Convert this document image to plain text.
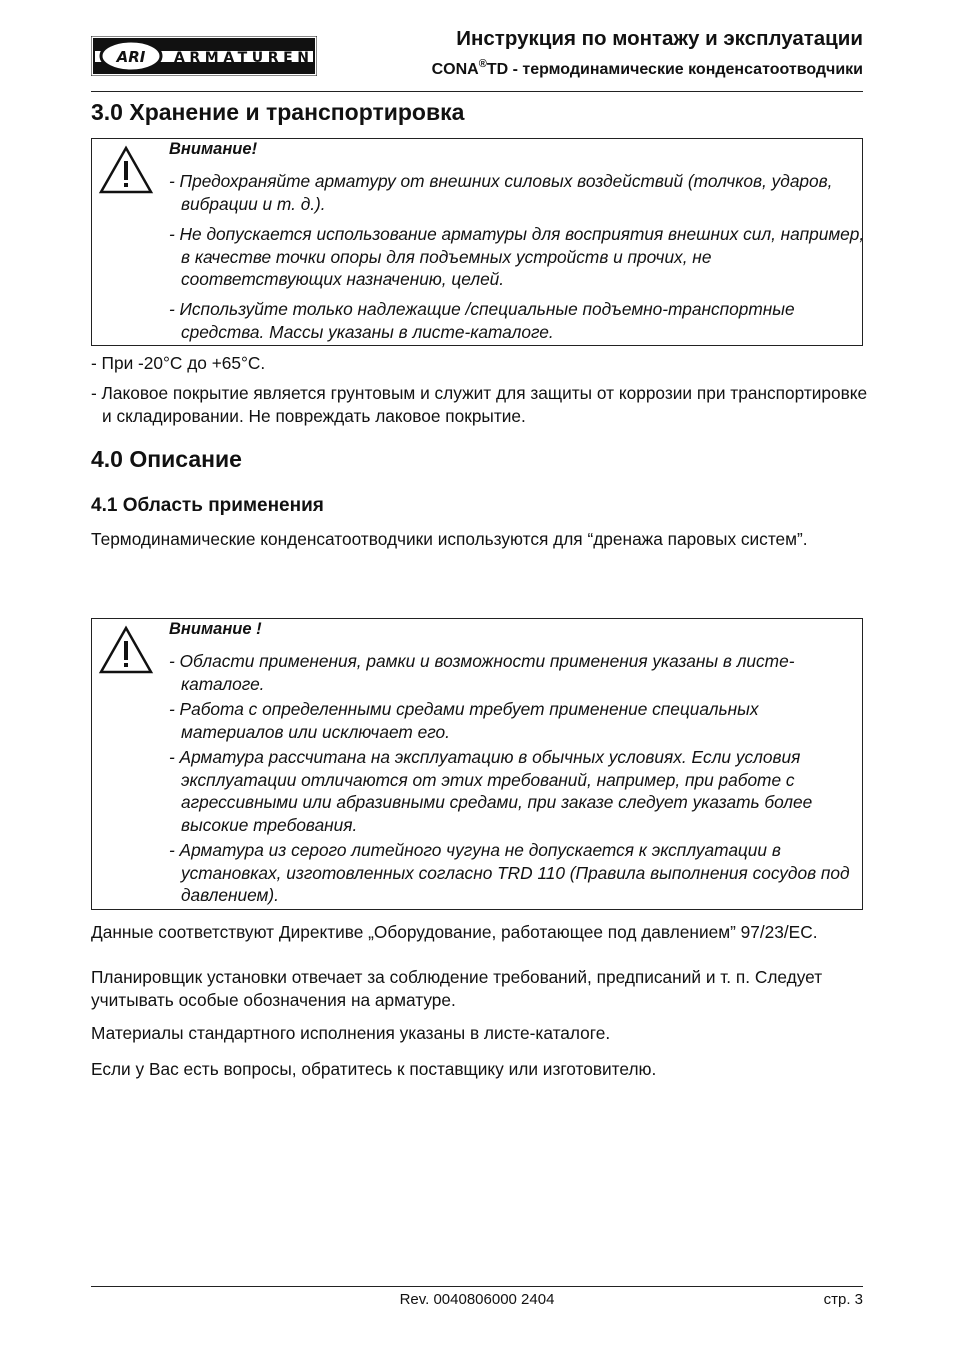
ARI ARMATUREN
Инструкция по монтажу и эксплуатации
CONA®TD - термодинамические конденсатоотводчики
3.0 Хранение и транспортировка
Внимание!
- Предохраняйте арматуру от внешних силовых воздействий (толчков, ударов, вибрации и т. д.).
- Не допускается использование арматуры для восприятия внешних сил, например, в качестве точки опоры для подъемных устройств и прочих, не соответствующих назначению, целей.
- Используйте только надлежащие /специальные подъемно-транспортные средства. Массы указаны в листе-каталоге.
- При -20°C до +65°C.
- Лаковое покрытие является грунтовым и служит для защиты от коррозии при транспортировке и складировании. Не повреждать лаковое покрытие.
4.0 Описание
4.1 Область применения
Термодинамические конденсатоотводчики используются для “дренажа паровых систем”.
Внимание !
- Области применения, рамки и возможности применения указаны в листе-каталоге.
- Работа с определенными средами требует применение специальных материалов или исключает его.
- Арматура рассчитана на эксплуатацию в обычных условиях. Если условия эксплуатации отличаются от этих требований, например, при работе с агрессивными или абразивными средами, при заказе следует указать более высокие требования.
- Арматура из серого литейного чугуна не допускается к эксплуатации в установках, изготовленных согласно TRD 110 (Правила выполнения сосудов под давлением).
Данные соответствуют Директиве „Оборудование, работающее под давлением” 97/23/EC.
Планировщик установки отвечает за соблюдение требований, предписаний и т. п. Следует учитывать особые обозначения на арматуре.
Материалы стандартного исполнения указаны в листе-каталоге.
Если у Вас есть вопросы, обратитесь к поставщику или изготовителю.
Rev. 0040806000 2404	стр. 3
